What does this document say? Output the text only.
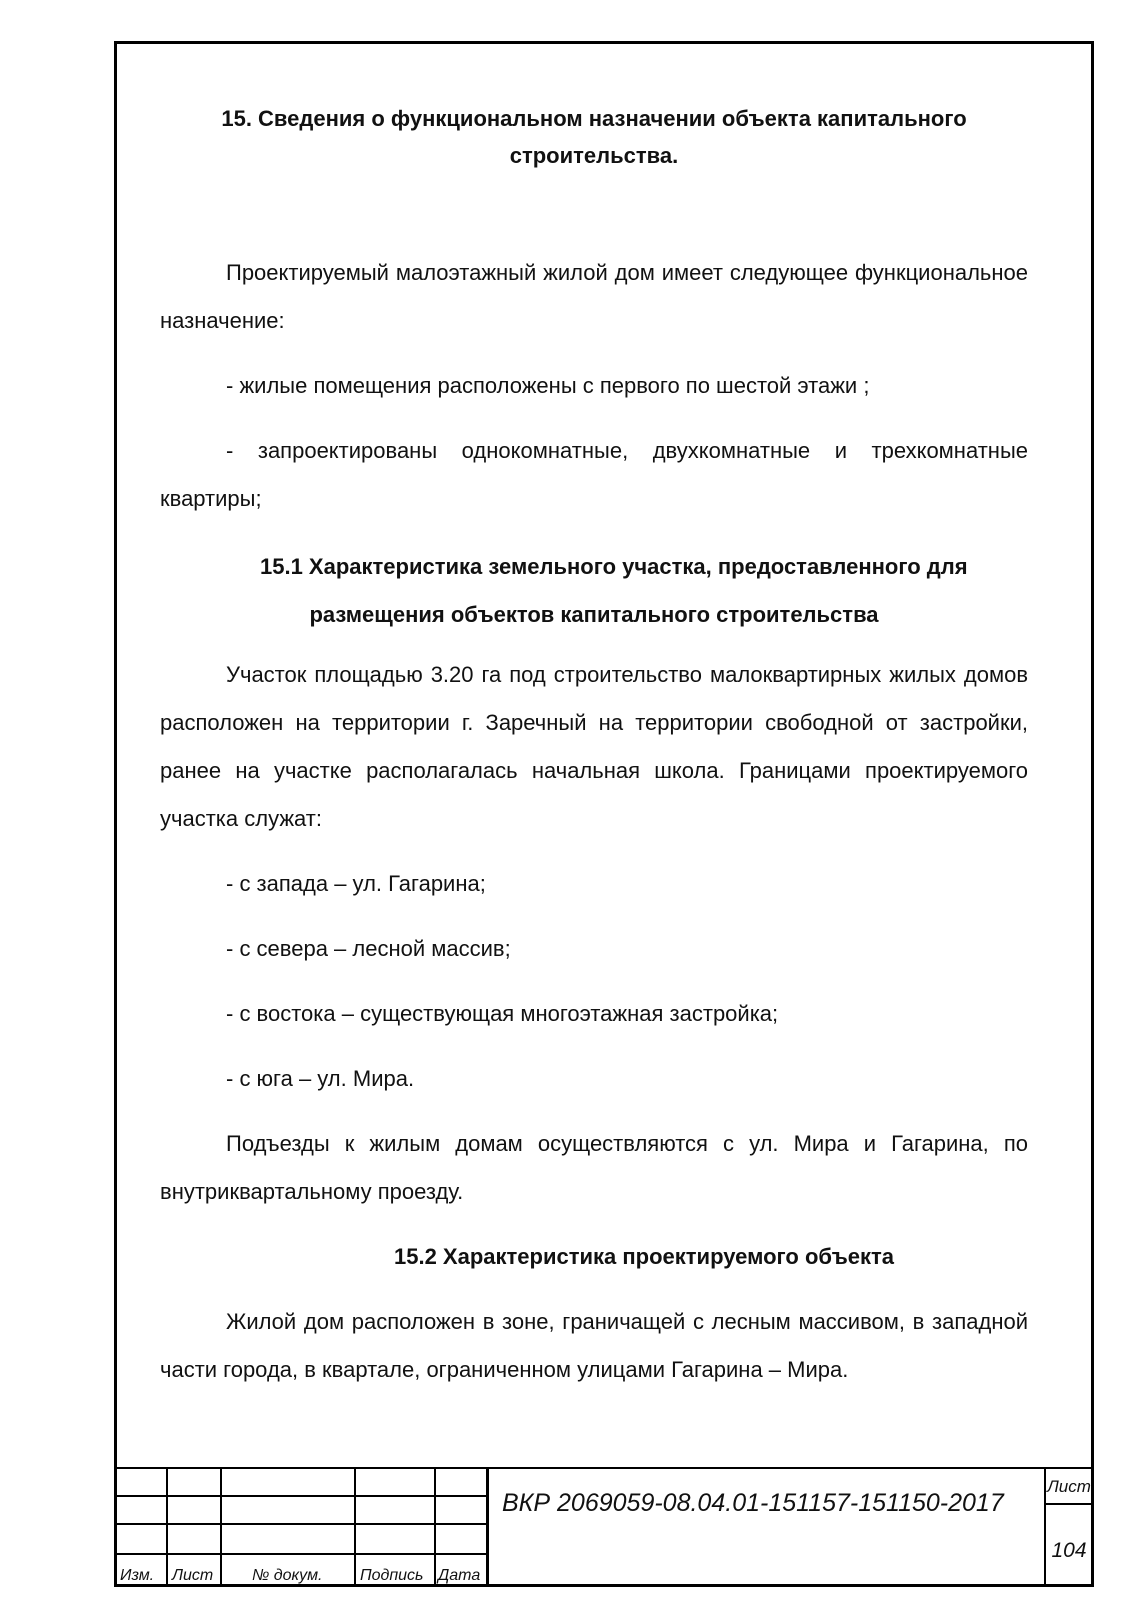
15. Сведения о функциональном назначении объекта капитального
строительства.

Проектируемый малоэтажный жилой дом имеет следующее функциональное назначение:

- жилые помещения расположены с первого по шестой этажи ;

- запроектированы однокомнатные, двухкомнатные и трехкомнатные квартиры;

15.1 Характеристика земельного участка, предоставленного для
размещения объектов капитального строительства

Участок площадью 3.20 га под строительство малоквартирных жилых домов расположен на территории г. Заречный на территории свободной от застройки, ранее на участке располагалась начальная школа. Границами проектируемого участка служат:

- с запада – ул. Гагарина;

- с севера – лесной массив;

- с востока – существующая многоэтажная застройка;

- с юга – ул. Мира.

Подъезды к жилым домам осуществляются с ул. Мира и Гагарина, по внутриквартальному проезду.

15.2 Характеристика проектируемого объекта

Жилой дом расположен в зоне, граничащей с лесным массивом, в западной части города, в квартале, ограниченном улицами Гагарина – Мира.

Изм. Лист № докум. Подпись Дата
ВКР 2069059-08.04.01-151157-151150-2017
Лист
104
